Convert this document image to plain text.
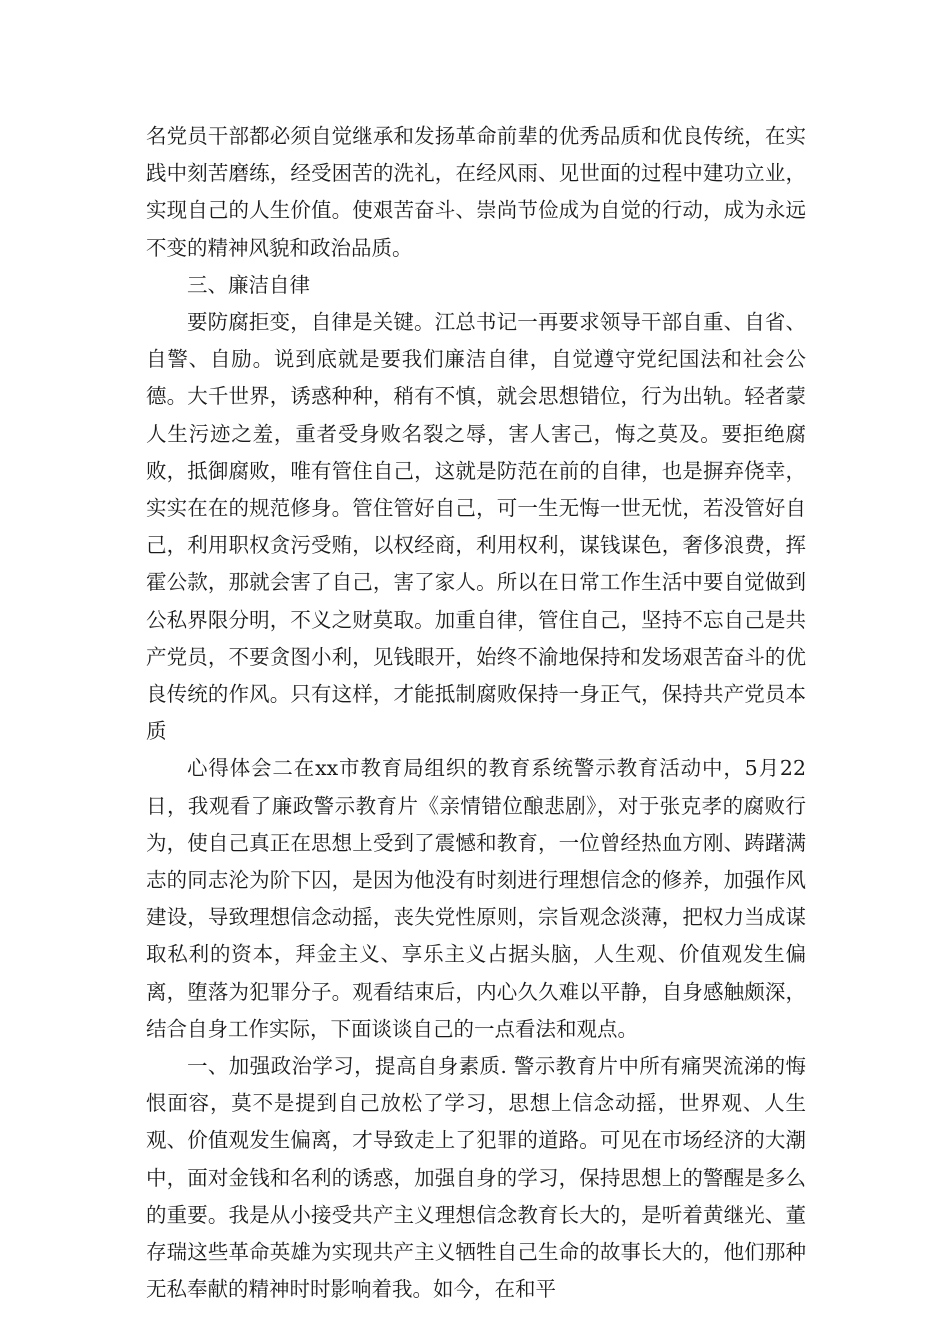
名党员干部都必须自觉继承和发扬革命前辈的优秀品质和优良传统，在实践中刻苦磨练，经受困苦的洗礼，在经风雨、见世面的过程中建功立业，实现自己的人生价值。使艰苦奋斗、崇尚节俭成为自觉的行动，成为永远不变的精神风貌和政治品质。

三、廉洁自律

要防腐拒变，自律是关键。江总书记一再要求领导干部自重、自省、自警、自励。说到底就是要我们廉洁自律，自觉遵守党纪国法和社会公德。大千世界，诱惑种种，稍有不慎，就会思想错位，行为出轨。轻者蒙人生污迹之羞，重者受身败名裂之辱，害人害己，悔之莫及。要拒绝腐败，抵御腐败，唯有管住自己，这就是防范在前的自律，也是摒弃侥幸，实实在在的规范修身。管住管好自己，可一生无悔一世无忧，若没管好自己，利用职权贪污受贿，以权经商，利用权利，谋钱谋色，奢侈浪费，挥霍公款，那就会害了自己，害了家人。所以在日常工作生活中要自觉做到公私界限分明，不义之财莫取。加重自律，管住自己，坚持不忘自己是共产党员，不要贪图小利，见钱眼开，始终不渝地保持和发场艰苦奋斗的优良传统的作风。只有这样，才能抵制腐败保持一身正气，保持共产党员本质

心得体会二在xx市教育局组织的教育系统警示教育活动中，5月22日，我观看了廉政警示教育片《亲情错位酿悲剧》，对于张克孝的腐败行为，使自己真正在思想上受到了震憾和教育，一位曾经热血方刚、踌躇满志的同志沦为阶下囚，是因为他没有时刻进行理想信念的修养，加强作风建设，导致理想信念动摇，丧失党性原则，宗旨观念淡薄，把权力当成谋取私利的资本，拜金主义、享乐主义占据头脑，人生观、价值观发生偏离，堕落为犯罪分子。观看结束后，内心久久难以平静，自身感触颇深，结合自身工作实际，下面谈谈自己的一点看法和观点。

一、加强政治学习，提高自身素质. 警示教育片中所有痛哭流涕的悔恨面容，莫不是提到自己放松了学习，思想上信念动摇，世界观、人生观、价值观发生偏离，才导致走上了犯罪的道路。可见在市场经济的大潮中，面对金钱和名利的诱惑，加强自身的学习，保持思想上的警醒是多么的重要。我是从小接受共产主义理想信念教育长大的，是听着黄继光、董存瑞这些革命英雄为实现共产主义牺牲自己生命的故事长大的，他们那种无私奉献的精神时时影响着我。如今，在和平
